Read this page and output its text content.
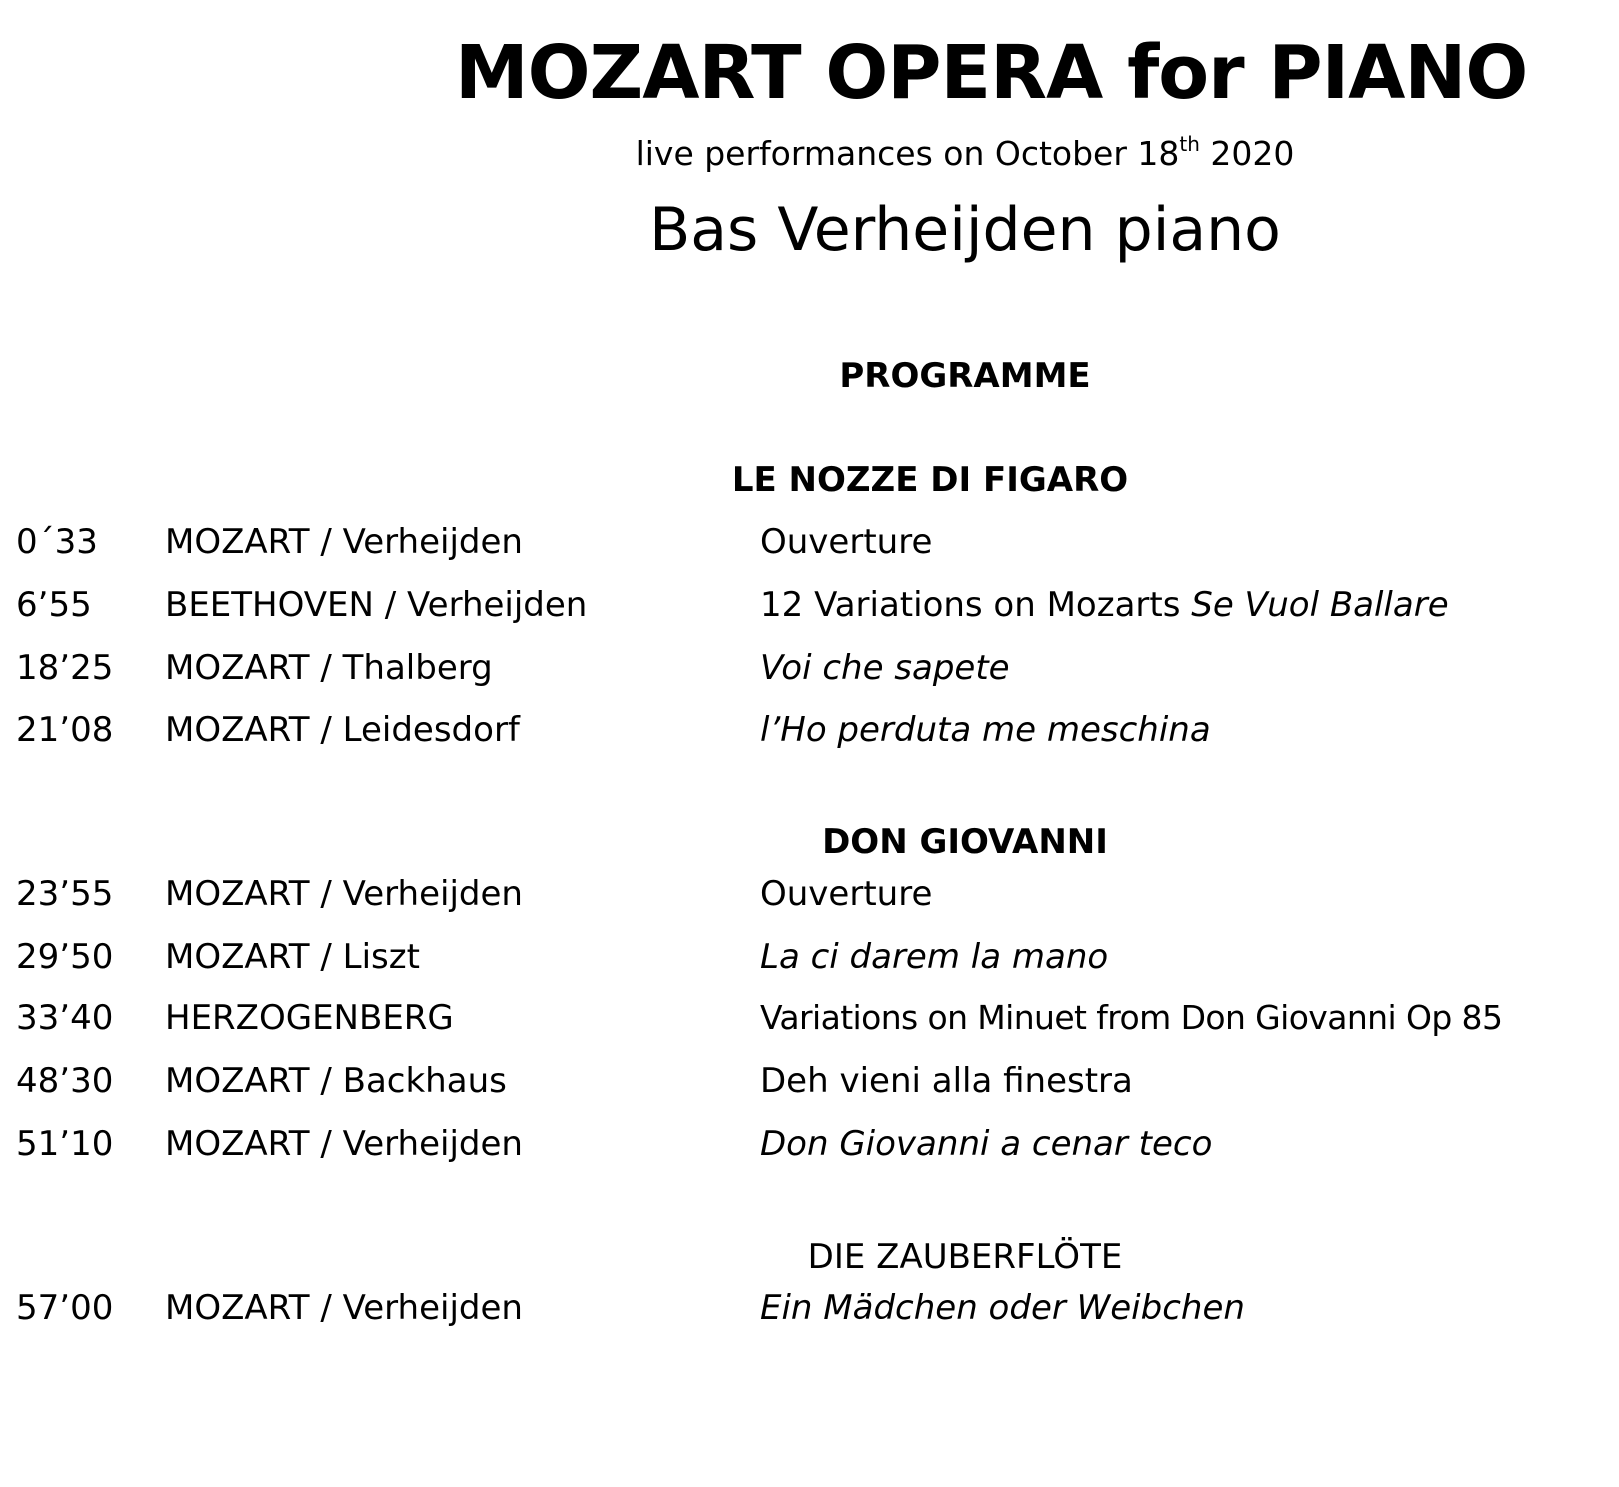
MOZART OPERA for PIANO
live performances on October 18th 2020
Bas Verheijden piano
PROGRAMME
LE NOZZE DI FIGARO
0´33 MOZART / Verheijden	Ouverture
6’55 BEETHOVEN / Verheijden	12 Variations on Mozarts Se Vuol Ballare
18’25 MOZART / Thalberg	Voi che sapete
21’08 MOZART / Leidesdorf	l’Ho perduta me meschina
DON GIOVANNI
23’55 MOZART / Verheijden	Ouverture
29’50 MOZART / Liszt	La ci darem la mano
33’40 HERZOGENBERG	Variations on Minuet from Don Giovanni Op 85
48’30 MOZART / Backhaus	Deh vieni alla finestra
51’10 MOZART / Verheijden	Don Giovanni a cenar teco
DIE ZAUBERFLÖTE
57’00 MOZART / Verheijden	Ein Mädchen oder Weibchen
